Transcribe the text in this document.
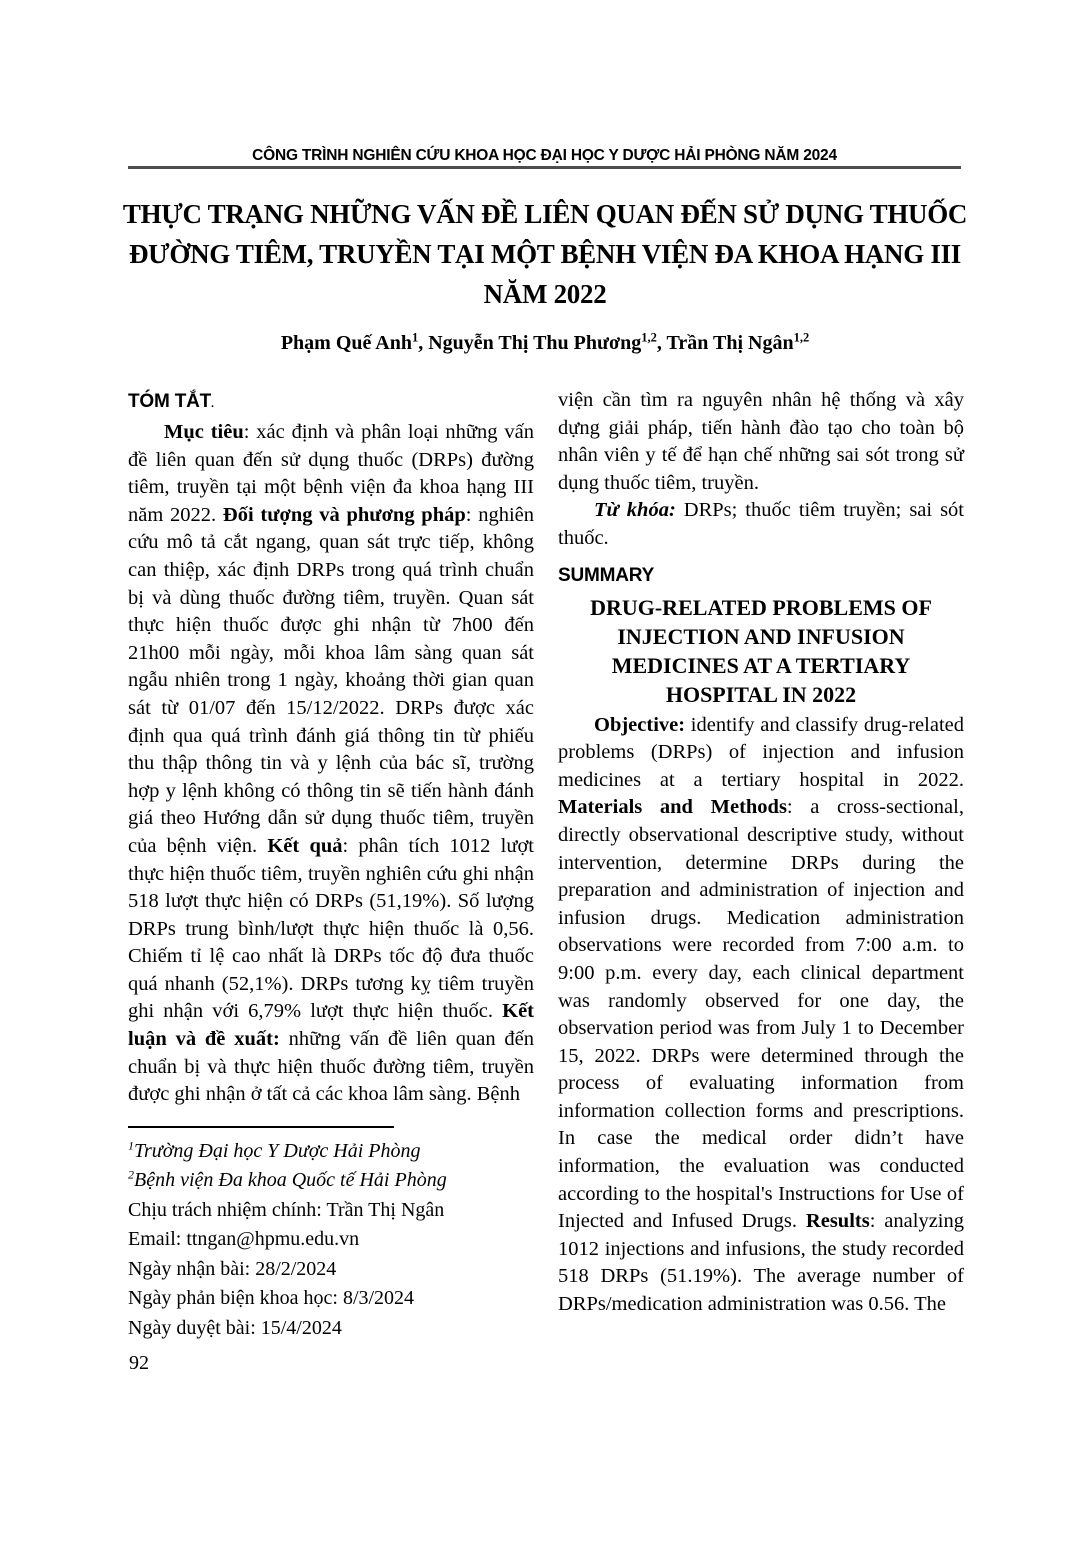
CÔNG TRÌNH NGHIÊN CỨU KHOA HỌC ĐẠI HỌC Y DƯỢC HẢI PHÒNG NĂM 2024
THỰC TRẠNG NHỮNG VẤN ĐỀ LIÊN QUAN ĐẾN SỬ DỤNG THUỐC
ĐƯỜNG TIÊM, TRUYỀN TẠI MỘT BỆNH VIỆN ĐA KHOA HẠNG III
NĂM 2022
Phạm Quế Anh$^1$, Nguyễn Thị Thu Phương$^{1,2}$, Trần Thị Ngân$^{1,2}$
TÓM TẮT.

Mục tiêu: xác định và phân loại những vấn đề liên quan đến sử dụng thuốc (DRPs) đường tiêm, truyền tại một bệnh viện đa khoa hạng III năm 2022. Đối tượng và phương pháp: nghiên cứu mô tả cắt ngang, quan sát trực tiếp, không can thiệp, xác định DRPs trong quá trình chuẩn bị và dùng thuốc đường tiêm, truyền. Quan sát thực hiện thuốc được ghi nhận từ 7h00 đến 21h00 mỗi ngày, mỗi khoa lâm sàng quan sát ngẫu nhiên trong 1 ngày, khoảng thời gian quan sát từ 01/07 đến 15/12/2022. DRPs được xác định qua quá trình đánh giá thông tin từ phiếu thu thập thông tin và y lệnh của bác sĩ, trường hợp y lệnh không có thông tin sẽ tiến hành đánh giá theo Hướng dẫn sử dụng thuốc tiêm, truyền của bệnh viện. Kết quả: phân tích 1012 lượt thực hiện thuốc tiêm, truyền nghiên cứu ghi nhận 518 lượt thực hiện có DRPs (51,19%). Số lượng DRPs trung bình/lượt thực hiện thuốc là 0,56. Chiếm tỉ lệ cao nhất là DRPs tốc độ đưa thuốc quá nhanh (52,1%). DRPs tương kỵ tiêm truyền ghi nhận với 6,79% lượt thực hiện thuốc. Kết luận và đề xuất: những vấn đề liên quan đến chuẩn bị và thực hiện thuốc đường tiêm, truyền được ghi nhận ở tất cả các khoa lâm sàng. Bệnh

$^1$Trường Đại học Y Dược Hải Phòng
$^2$Bệnh viện Đa khoa Quốc tế Hải Phòng
Chịu trách nhiệm chính: Trần Thị Ngân
Email: ttngan@hpmu.edu.vn
Ngày nhận bài: 28/2/2024
Ngày phản biện khoa học: 8/3/2024
Ngày duyệt bài: 15/4/2024

viện cần tìm ra nguyên nhân hệ thống và xây dựng giải pháp, tiến hành đào tạo cho toàn bộ nhân viên y tế để hạn chế những sai sót trong sử dụng thuốc tiêm, truyền.

Từ khóa: DRPs; thuốc tiêm truyền; sai sót thuốc.

SUMMARY
DRUG-RELATED PROBLEMS OF
INJECTION AND INFUSION
MEDICINES AT A TERTIARY
HOSPITAL IN 2022

Objective: identify and classify drug-related problems (DRPs) of injection and infusion medicines at a tertiary hospital in 2022. Materials and Methods: a cross-sectional, directly observational descriptive study, without intervention, determine DRPs during the preparation and administration of injection and infusion drugs. Medication administration observations were recorded from 7:00 a.m. to 9:00 p.m. every day, each clinical department was randomly observed for one day, the observation period was from July 1 to December 15, 2022. DRPs were determined through the process of evaluating information from information collection forms and prescriptions. In case the medical order didn’t have information, the evaluation was conducted according to the hospital's Instructions for Use of Injected and Infused Drugs. Results: analyzing 1012 injections and infusions, the study recorded 518 DRPs (51.19%). The average number of DRPs/medication administration was 0.56. The

92
